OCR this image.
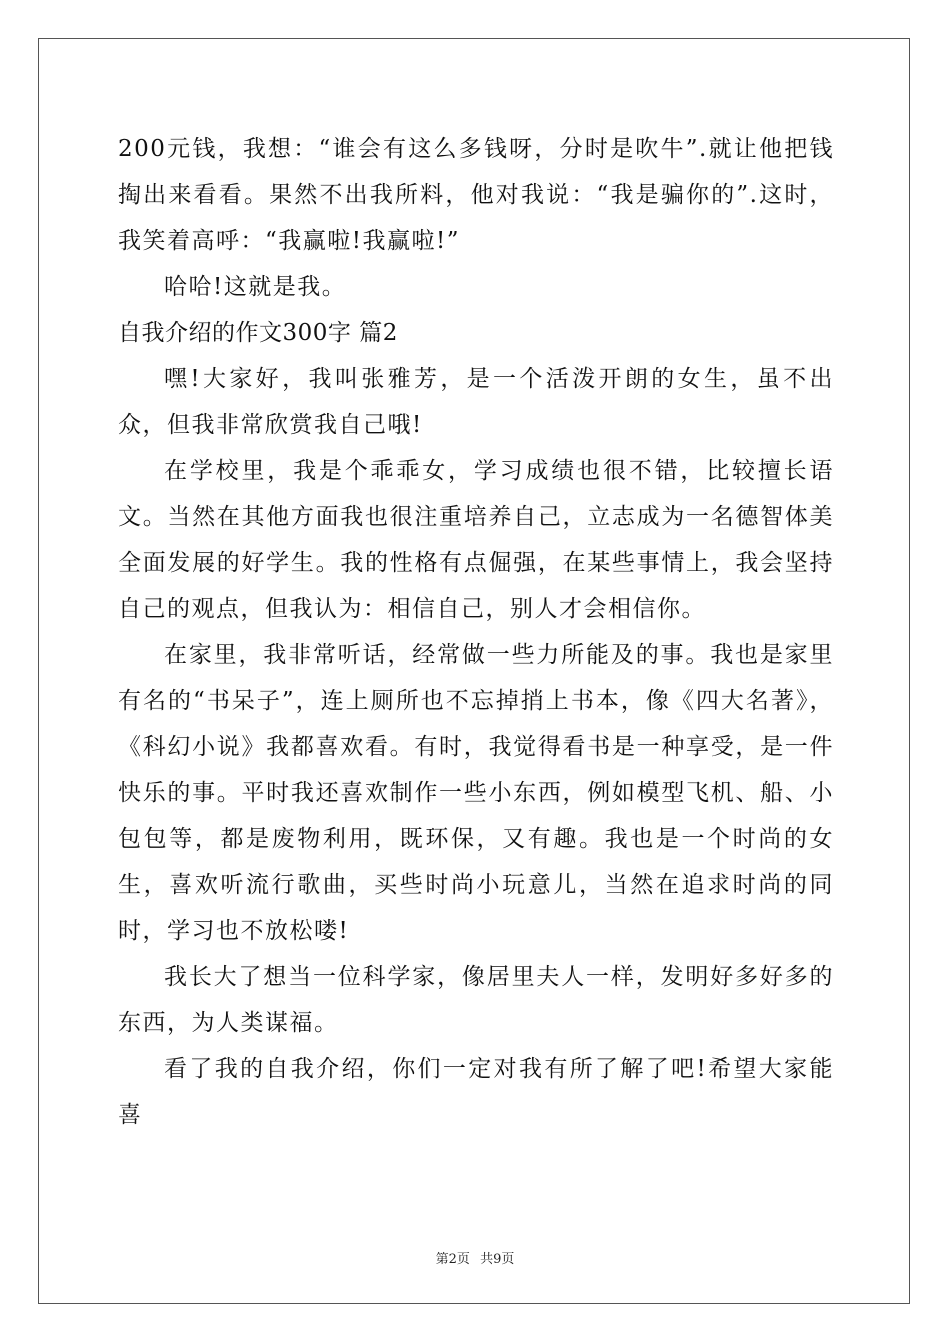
200元钱，我想：“谁会有这么多钱呀，分时是吹牛”.就让他把钱掏出来看看。果然不出我所料，他对我说：“我是骗你的”.这时，我笑着高呼：“我赢啦!我赢啦!”

哈哈!这就是我。

自我介绍的作文300字 篇2

嘿!大家好，我叫张雅芳，是一个活泼开朗的女生，虽不出众，但我非常欣赏我自己哦!

在学校里，我是个乖乖女，学习成绩也很不错，比较擅长语文。当然在其他方面我也很注重培养自己，立志成为一名德智体美全面发展的好学生。我的性格有点倔强，在某些事情上，我会坚持自己的观点，但我认为：相信自己，别人才会相信你。

在家里，我非常听话，经常做一些力所能及的事。我也是家里有名的“书呆子”，连上厕所也不忘掉捎上书本，像《四大名著》，《科幻小说》我都喜欢看。有时，我觉得看书是一种享受，是一件快乐的事。平时我还喜欢制作一些小东西，例如模型飞机、船、小包包等，都是废物利用，既环保，又有趣。我也是一个时尚的女生，喜欢听流行歌曲，买些时尚小玩意儿，当然在追求时尚的同时，学习也不放松喽!

我长大了想当一位科学家，像居里夫人一样，发明好多好多的东西，为人类谋福。

看了我的自我介绍，你们一定对我有所了解了吧!希望大家能喜

第2页 共9页
